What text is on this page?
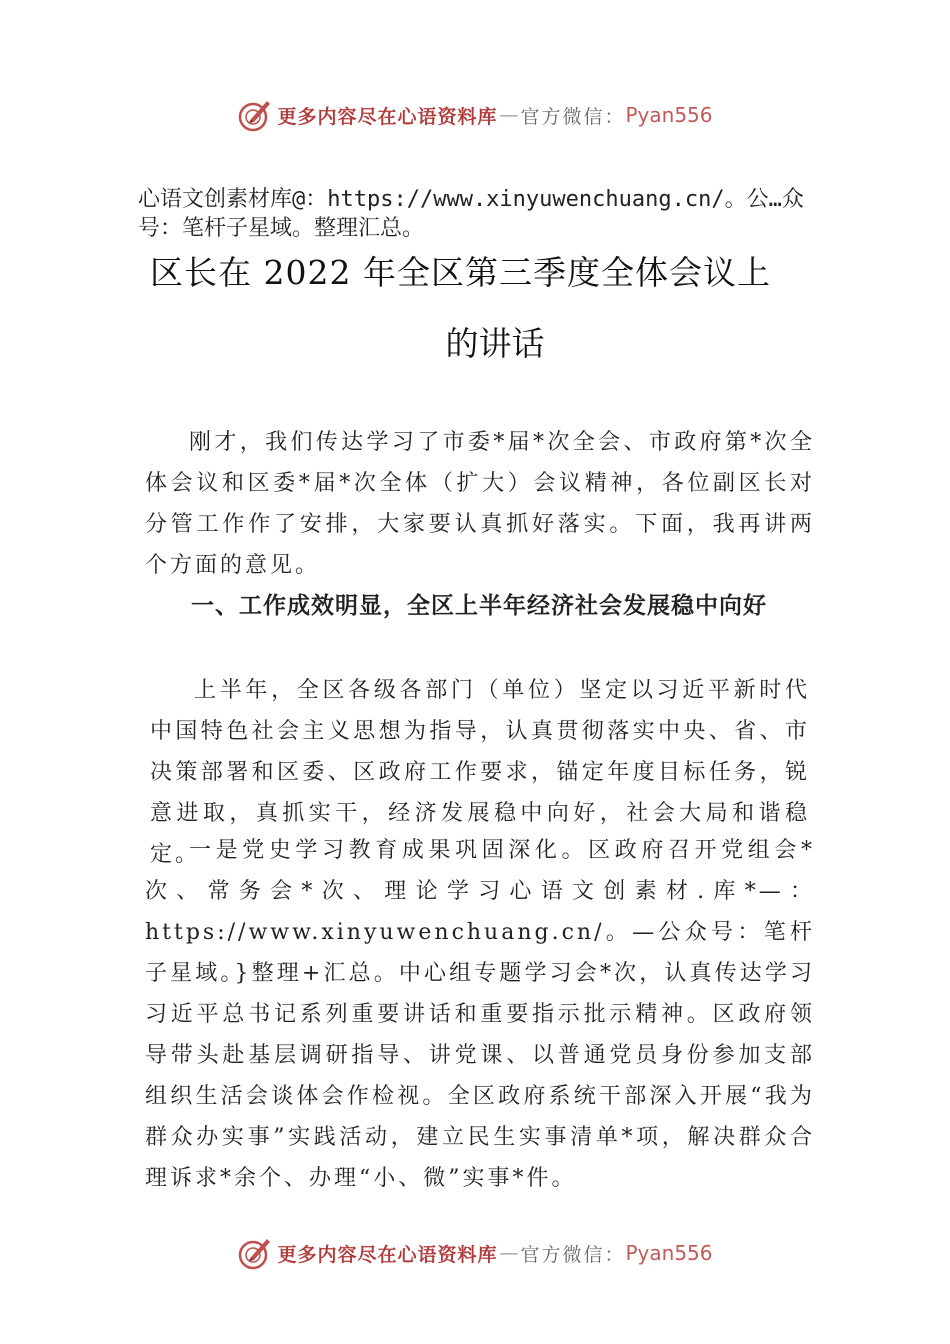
更多内容尽在心语资料库 — 官方微信： Pyan556
心语文创素材库@：https://www.xinyuwenchuang.cn/。公…众号：笔杆子星域。整理汇总。
区长在 2022 年全区第三季度全体会议上
的讲话

刚才，我们传达学习了市委*届*次全会、市政府第*次全体会议和区委*届*次全体（扩大）会议精神，各位副区长对分管工作作了安排，大家要认真抓好落实。下面，我再讲两个方面的意见。

一、工作成效明显，全区上半年经济社会发展稳中向好

上半年，全区各级各部门（单位）坚定以习近平新时代中国特色社会主义思想为指导，认真贯彻落实中央、省、市决策部署和区委、区政府工作要求，锚定年度目标任务，锐意进取，真抓实干，经济发展稳中向好，社会大局和谐稳定。

一是党史学习教育成果巩固深化。区政府召开党组会*次、常务会*次、理论学习心语文创素材.库*—：https://www.xinyuwenchuang.cn/。—公众号：笔杆子星域。}整理+汇总。中心组专题学习会*次，认真传达学习习近平总书记系列重要讲话和重要指示批示精神。区政府领导带头赴基层调研指导、讲党课、以普通党员身份参加支部组织生活会谈体会作检视。全区政府系统干部深入开展“我为群众办实事”实践活动，建立民生实事清单*项，解决群众合理诉求*余个、办理“小、微”实事*件。

更多内容尽在心语资料库 — 官方微信： Pyan556
